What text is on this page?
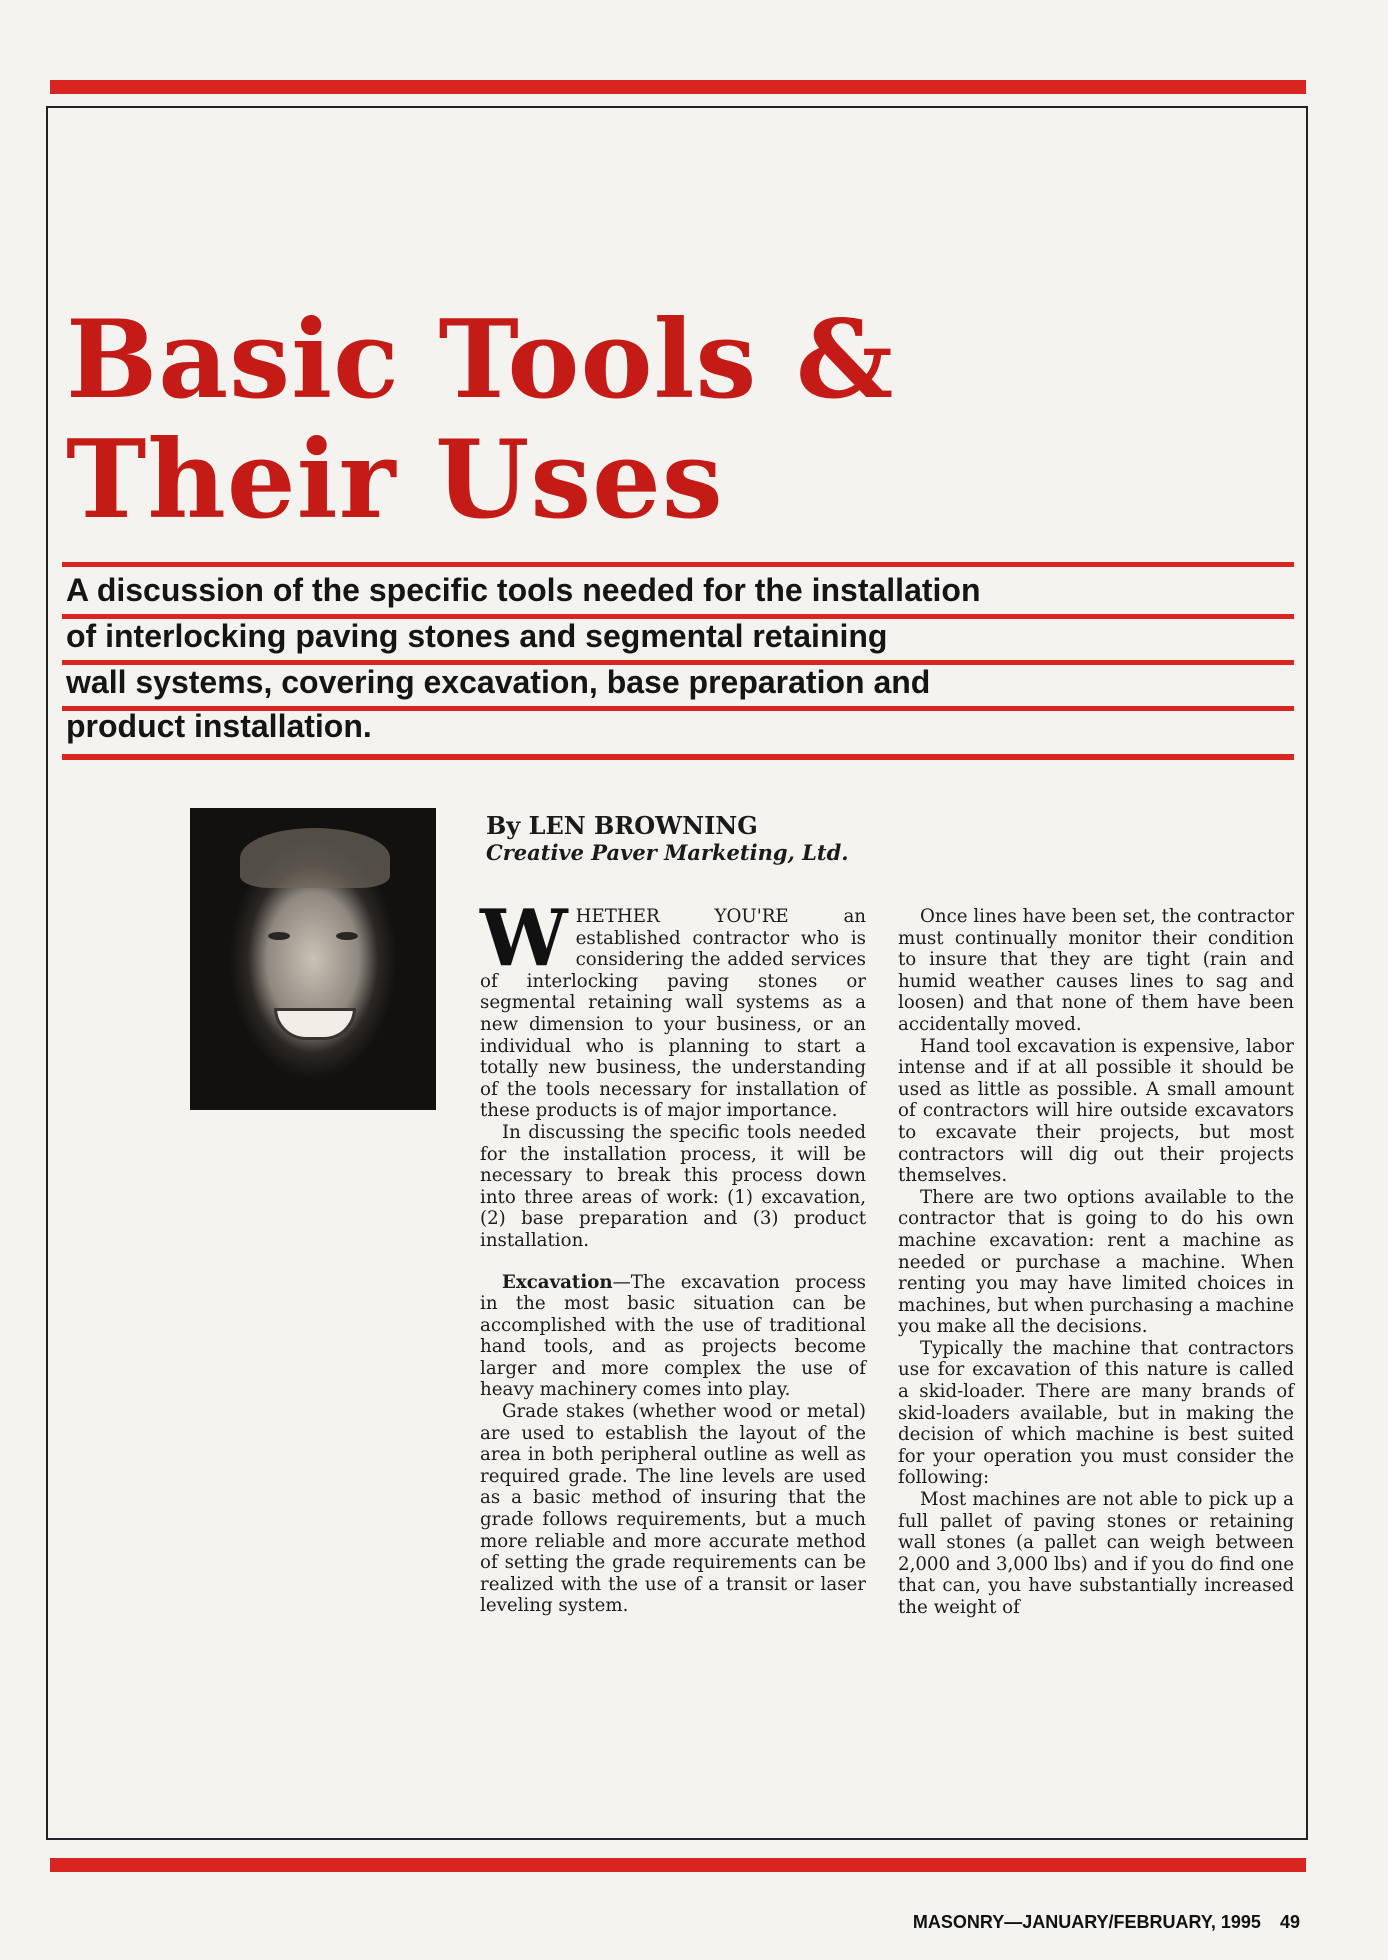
Basic Tools &
Their Uses
A discussion of the specific tools needed for the installation
of interlocking paving stones and segmental retaining
wall systems, covering excavation, base preparation and
product installation.
By LEN BROWNING
Creative Paver Marketing, Ltd.

WHETHER YOU'RE an established contractor who is considering the added services of interlocking paving stones or segmental retaining wall systems as a new dimension to your business, or an individual who is planning to start a totally new business, the understanding of the tools necessary for installation of these products is of major importance.

In discussing the specific tools needed for the installation process, it will be necessary to break this process down into three areas of work: (1) excavation, (2) base preparation and (3) product installation.

Excavation—The excavation process in the most basic situation can be accomplished with the use of traditional hand tools, and as projects become larger and more complex the use of heavy machinery comes into play.

Grade stakes (whether wood or metal) are used to establish the layout of the area in both peripheral outline as well as required grade. The line levels are used as a basic method of insuring that the grade follows requirements, but a much more reliable and more accurate method of setting the grade requirements can be realized with the use of a transit or laser leveling system.

Once lines have been set, the contractor must continually monitor their condition to insure that they are tight (rain and humid weather causes lines to sag and loosen) and that none of them have been accidentally moved.

Hand tool excavation is expensive, labor intense and if at all possible it should be used as little as possible. A small amount of contractors will hire outside excavators to excavate their projects, but most contractors will dig out their projects themselves.

There are two options available to the contractor that is going to do his own machine excavation: rent a machine as needed or purchase a machine. When renting you may have limited choices in machines, but when purchasing a machine you make all the decisions.

Typically the machine that contractors use for excavation of this nature is called a skid-loader. There are many brands of skid-loaders available, but in making the decision of which machine is best suited for your operation you must consider the following:

Most machines are not able to pick up a full pallet of paving stones or retaining wall stones (a pallet can weigh between 2,000 and 3,000 lbs) and if you do find one that can, you have substantially increased the weight of

MASONRY—JANUARY/FEBRUARY, 1995 49
